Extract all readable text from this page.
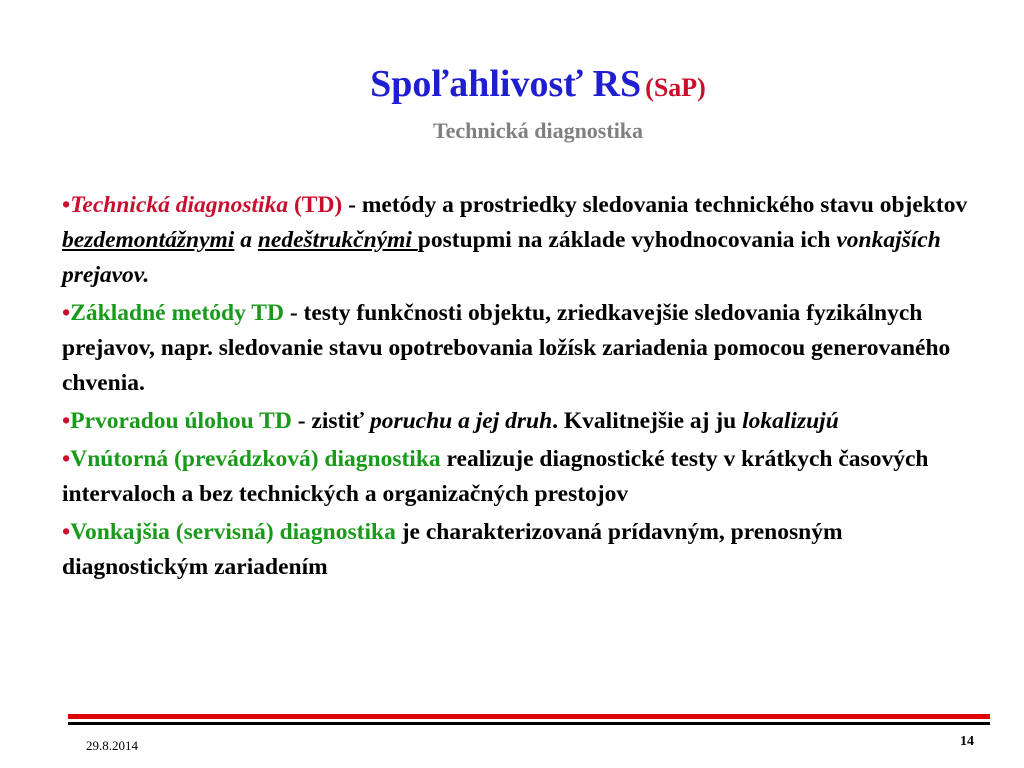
Spoľahlivosť RS (SaP)
Technická diagnostika

•Technická diagnostika (TD) - metódy a prostriedky sledovania technického stavu objektov bezdemontážnymi a nedeštrukčnými postupmi na základe vyhodnocovania ich vonkajších prejavov.

•Základné metódy TD - testy funkčnosti objektu, zriedkavejšie sledovania fyzikálnych prejavov, napr. sledovanie stavu opotrebovania ložísk zariadenia pomocou generovaného chvenia.

•Prvoradou úlohou TD - zistiť poruchu a jej druh. Kvalitnejšie aj ju lokalizujú

•Vnútorná (prevádzková) diagnostika realizuje diagnostické testy v krátkych časových intervaloch a bez technických a organizačných prestojov

•Vonkajšia (servisná) diagnostika je charakterizovaná prídavným, prenosným diagnostickým zariadením

29.8.2014	14
